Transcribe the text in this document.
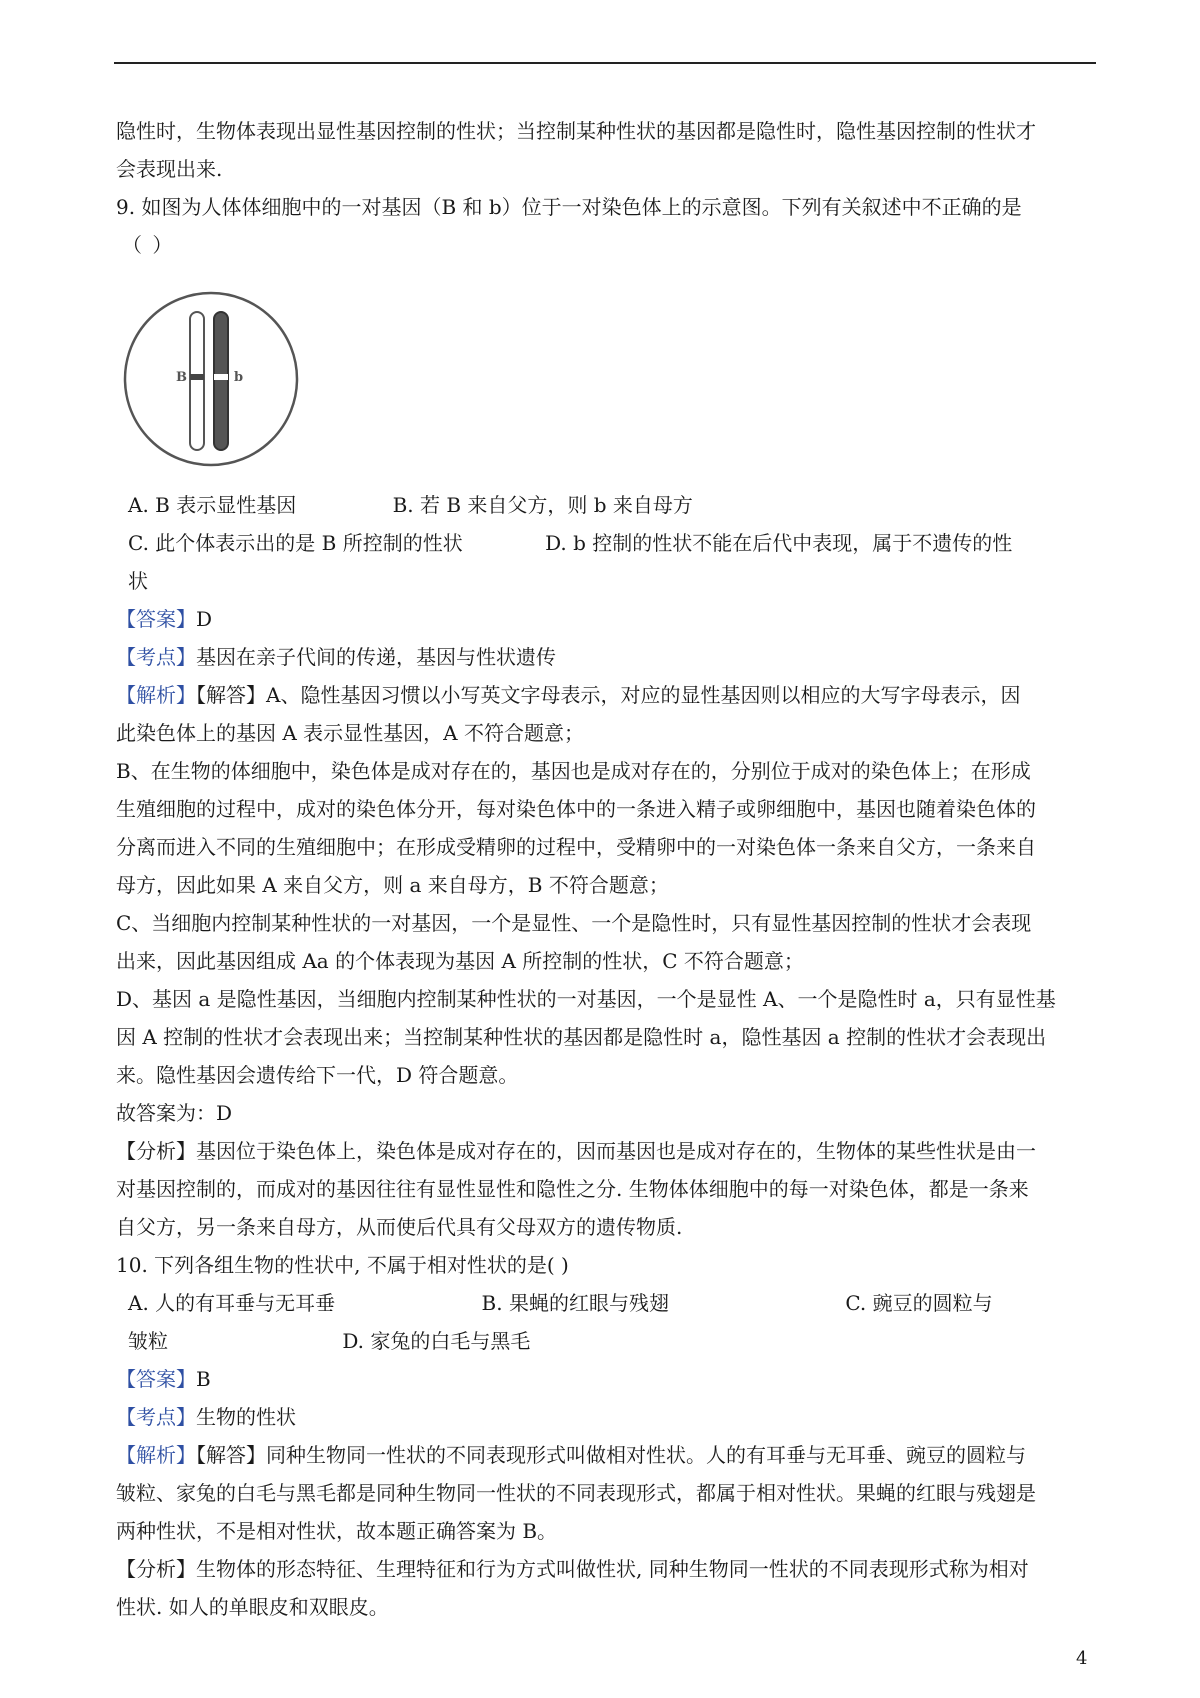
隐性时，生物体表现出显性基因控制的性状；当控制某种性状的基因都是隐性时，隐性基因控制的性状才

会表现出来.

9. 如图为人体体细胞中的一对基因（B 和 b）位于一对染色体上的示意图。下列有关叙述中不正确的是

（ ）

B	b

A. B 表示显性基因	B. 若 B 来自父方，则 b 来自母方

C. 此个体表示出的是 B 所控制的性状	D. b 控制的性状不能在后代中表现，属于不遗传的性

状

【答案】D

【考点】基因在亲子代间的传递，基因与性状遗传

【解析】【解答】A、隐性基因习惯以小写英文字母表示，对应的显性基因则以相应的大写字母表示，因

此染色体上的基因 A 表示显性基因，A 不符合题意；

B、在生物的体细胞中，染色体是成对存在的，基因也是成对存在的，分别位于成对的染色体上；在形成

生殖细胞的过程中，成对的染色体分开，每对染色体中的一条进入精子或卵细胞中，基因也随着染色体的

分离而进入不同的生殖细胞中；在形成受精卵的过程中，受精卵中的一对染色体一条来自父方，一条来自

母方，因此如果 A 来自父方，则 a 来自母方，B 不符合题意；

C、当细胞内控制某种性状的一对基因，一个是显性、一个是隐性时，只有显性基因控制的性状才会表现

出来，因此基因组成 Aa 的个体表现为基因 A 所控制的性状，C 不符合题意；

D、基因 a 是隐性基因，当细胞内控制某种性状的一对基因，一个是显性 A、一个是隐性时 a，只有显性基

因 A 控制的性状才会表现出来；当控制某种性状的基因都是隐性时 a，隐性基因 a 控制的性状才会表现出

来。隐性基因会遗传给下一代，D 符合题意。

故答案为：D

【分析】基因位于染色体上，染色体是成对存在的，因而基因也是成对存在的，生物体的某些性状是由一

对基因控制的，而成对的基因往往有显性显性和隐性之分. 生物体体细胞中的每一对染色体，都是一条来

自父方，另一条来自母方，从而使后代具有父母双方的遗传物质.

10. 下列各组生物的性状中, 不属于相对性状的是( )

A. 人的有耳垂与无耳垂	B. 果蝇的红眼与残翅	C. 豌豆的圆粒与

皱粒	D. 家兔的白毛与黑毛

【答案】B

【考点】生物的性状

【解析】【解答】同种生物同一性状的不同表现形式叫做相对性状。人的有耳垂与无耳垂、豌豆的圆粒与

皱粒、家兔的白毛与黑毛都是同种生物同一性状的不同表现形式，都属于相对性状。果蝇的红眼与残翅是

两种性状，不是相对性状，故本题正确答案为 B。

【分析】生物体的形态特征、生理特征和行为方式叫做性状, 同种生物同一性状的不同表现形式称为相对

性状. 如人的单眼皮和双眼皮。

4
